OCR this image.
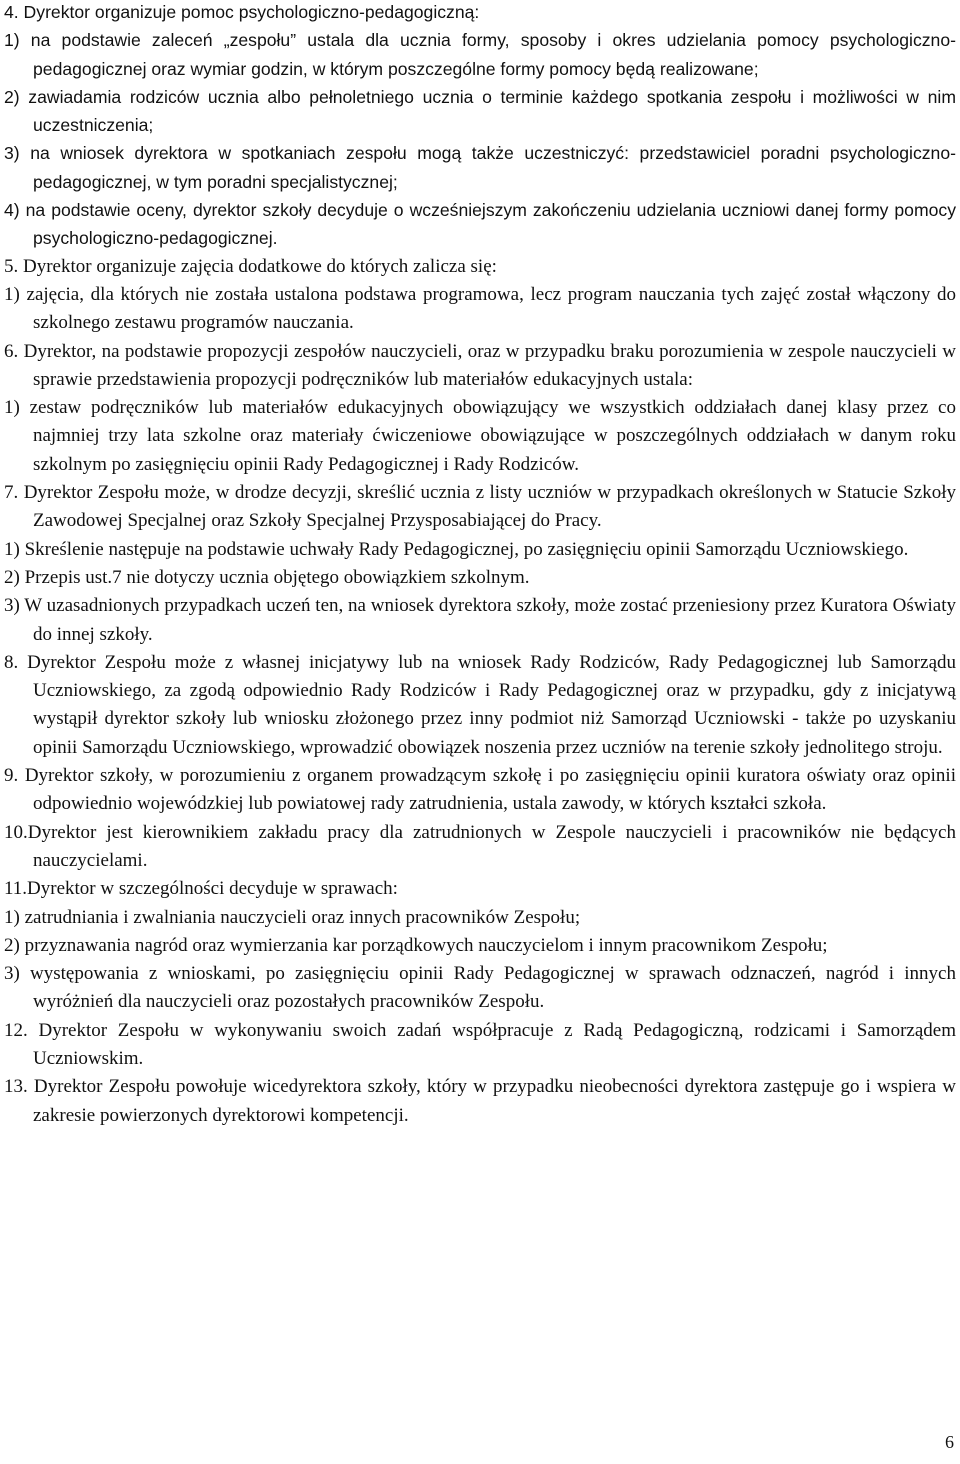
4. Dyrektor organizuje pomoc psychologiczno-pedagogiczną:
1) na podstawie zaleceń „zespołu” ustala dla ucznia formy, sposoby i okres udzielania pomocy psychologiczno-pedagogicznej oraz wymiar godzin, w którym poszczególne formy pomocy będą realizowane;
2) zawiadamia rodziców ucznia albo pełnoletniego ucznia o terminie każdego spotkania zespołu i możliwości w nim uczestniczenia;
3) na wniosek dyrektora w spotkaniach zespołu mogą także uczestniczyć: przedstawiciel poradni psychologiczno-pedagogicznej, w tym poradni specjalistycznej;
4) na podstawie oceny, dyrektor szkoły decyduje o wcześniejszym zakończeniu udzielania uczniowi danej formy pomocy psychologiczno-pedagogicznej.
5. Dyrektor organizuje zajęcia dodatkowe do których zalicza się:
1) zajęcia, dla których nie została ustalona podstawa programowa, lecz program nauczania tych zajęć został włączony do szkolnego zestawu programów nauczania.
6. Dyrektor, na podstawie propozycji zespołów nauczycieli, oraz w przypadku braku porozumienia w zespole nauczycieli w sprawie przedstawienia propozycji podręczników lub materiałów edukacyjnych ustala:
1) zestaw podręczników lub materiałów edukacyjnych obowiązujący we wszystkich oddziałach danej klasy przez co najmniej trzy lata szkolne oraz materiały ćwiczeniowe obowiązujące w poszczególnych oddziałach w danym roku szkolnym po zasięgnięciu opinii Rady Pedagogicznej i Rady Rodziców.
7. Dyrektor Zespołu może, w drodze decyzji, skreślić ucznia z listy uczniów w przypadkach określonych w Statucie Szkoły Zawodowej Specjalnej oraz Szkoły Specjalnej Przysposabiającej do Pracy.
1) Skreślenie następuje na podstawie uchwały Rady Pedagogicznej, po zasięgnięciu opinii Samorządu Uczniowskiego.
2) Przepis ust.7 nie dotyczy ucznia objętego obowiązkiem szkolnym.
3) W uzasadnionych przypadkach uczeń ten, na wniosek dyrektora szkoły, może zostać przeniesiony przez Kuratora Oświaty do innej szkoły.
8. Dyrektor Zespołu może z własnej inicjatywy lub na wniosek Rady Rodziców, Rady Pedagogicznej lub Samorządu Uczniowskiego, za zgodą odpowiednio Rady Rodziców i Rady Pedagogicznej oraz w przypadku, gdy z inicjatywą wystąpił dyrektor szkoły lub wniosku złożonego przez inny podmiot niż Samorząd Uczniowski - także po uzyskaniu opinii Samorządu Uczniowskiego, wprowadzić obowiązek noszenia przez uczniów na terenie szkoły jednolitego stroju.
9. Dyrektor szkoły, w porozumieniu z organem prowadzącym szkołę i po zasięgnięciu opinii kuratora oświaty oraz opinii odpowiednio wojewódzkiej lub powiatowej rady zatrudnienia, ustala zawody, w których kształci szkoła.
10.Dyrektor jest kierownikiem zakładu pracy dla zatrudnionych w Zespole nauczycieli i pracowników nie będących nauczycielami.
11.Dyrektor w szczególności decyduje w sprawach:
1) zatrudniania i zwalniania nauczycieli oraz innych pracowników Zespołu;
2) przyznawania nagród oraz wymierzania kar porządkowych nauczycielom i innym pracownikom Zespołu;
3) występowania z wnioskami, po zasięgnięciu opinii Rady Pedagogicznej w sprawach odznaczeń, nagród i innych wyróżnień dla nauczycieli oraz pozostałych pracowników Zespołu.
12. Dyrektor Zespołu w wykonywaniu swoich zadań współpracuje z Radą Pedagogiczną, rodzicami i Samorządem Uczniowskim.
13. Dyrektor Zespołu powołuje wicedyrektora szkoły, który w przypadku nieobecności dyrektora zastępuje go i wspiera w zakresie powierzonych dyrektorowi kompetencji.
6
